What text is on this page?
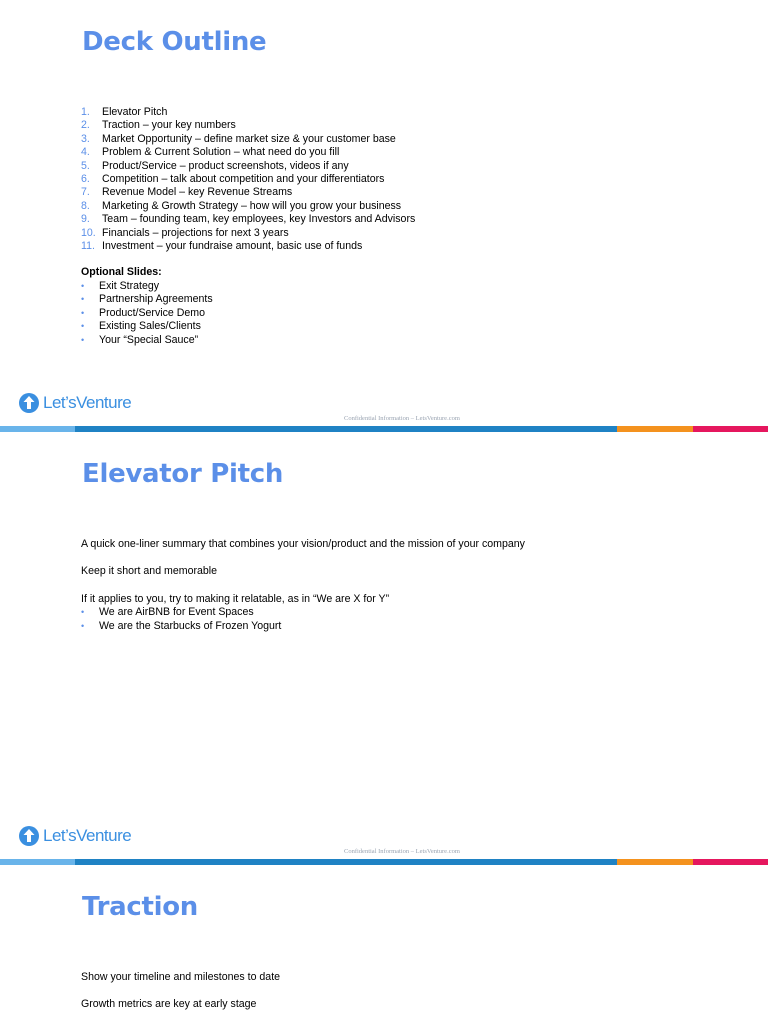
Deck Outline
1. Elevator Pitch
2. Traction – your key numbers
3. Market Opportunity – define market size & your customer base
4. Problem & Current Solution – what need do you fill
5. Product/Service – product screenshots, videos if any
6. Competition – talk about competition and your differentiators
7. Revenue Model – key Revenue Streams
8. Marketing & Growth Strategy – how will you grow your business
9. Team – founding team, key employees, key Investors and Advisors
10. Financials – projections for next 3 years
11. Investment – your fundraise amount, basic use of funds
Optional Slides:
• Exit Strategy
• Partnership Agreements
• Product/Service Demo
• Existing Sales/Clients
• Your “Special Sauce”
Let’sVenture
Confidential Information – LetsVenture.com
Elevator Pitch
A quick one-liner summary that combines your vision/product and the mission of your company
Keep it short and memorable
If it applies to you, try to making it relatable, as in “We are X for Y”
• We are AirBNB for Event Spaces
• We are the Starbucks of Frozen Yogurt
Let’sVenture
Confidential Information – LetsVenture.com
Traction
Show your timeline and milestones to date
Growth metrics are key at early stage
